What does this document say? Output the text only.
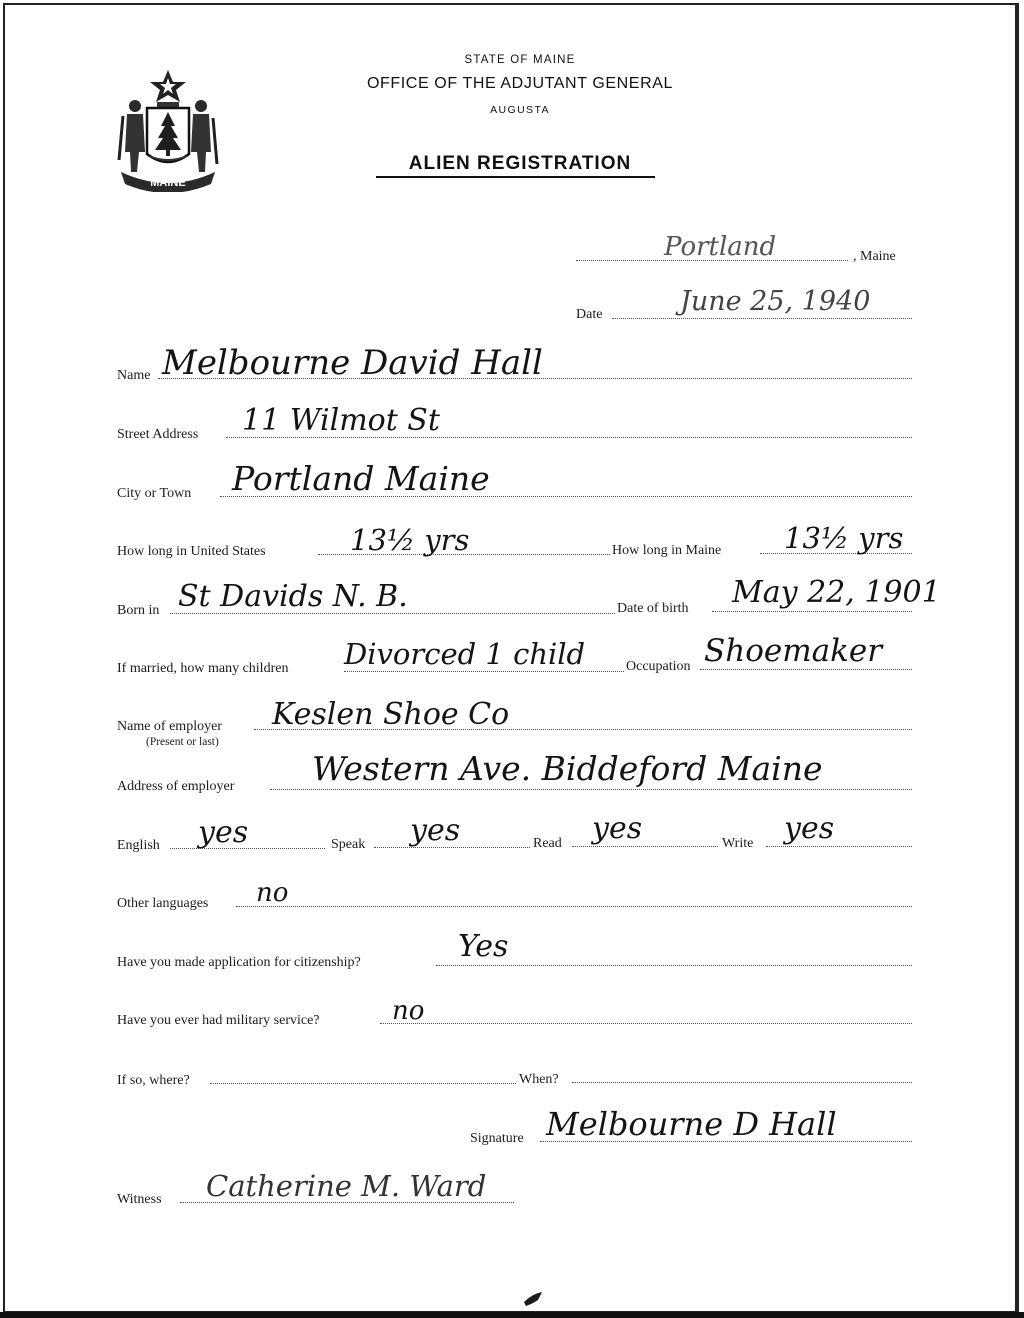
MAINE
STATE OF MAINE
OFFICE OF THE ADJUTANT GENERAL
AUGUSTA
ALIEN REGISTRATION
Portland	, Maine
Date	June 25, 1940
Name Melbourne David Hall
Street Address 11 Wilmot St
City or Town Portland Maine
How long in United States	13½ yrs	How long in Maine 13½ yrs
Born in St Davids N. B.	Date of birth May 22, 1901
If married, how many children Divorced 1 child	Occupation Shoemaker
Name of employer
(Present or last)
Keslen Shoe Co
Address of employer Western Ave. Biddeford Maine
English yes	Speak yes	Read yes	Write yes
Other languages no
Have you made application for citizenship?	Yes
Have you ever had military service?	no
If so, where?	When?
Signature Melbourne D Hall
Witness Catherine M. Ward
